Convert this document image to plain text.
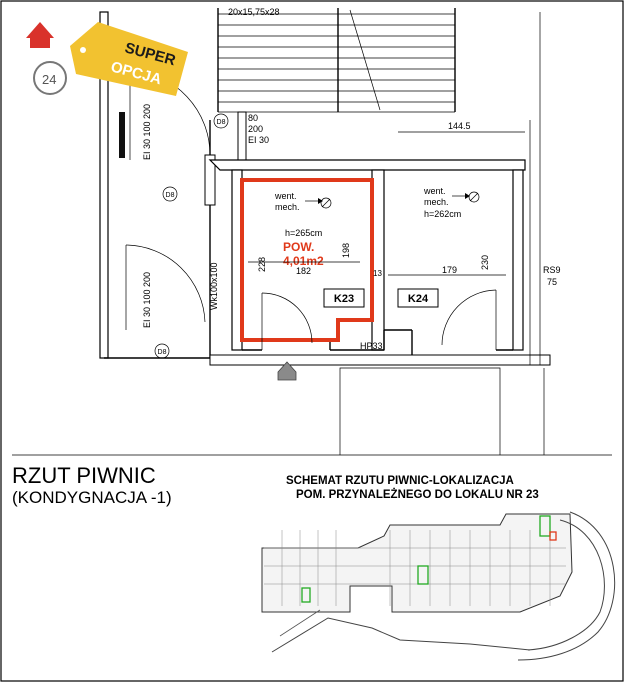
20x15,75x28
EI 30 100 200
EI 30 100 200
D8
D8
Wk100x100
D8	80
200
EI 30
144.5
went.
mech.
h=265cm
POW.
4,01m2
228
198
182
K23
went.
mech.
h=262cm
179	230
13
K24
HP33
RS9
75
SUPER
OPCJA
24
RZUT PIWNIC
(KONDYGNACJA -1)
SCHEMAT RZUTU PIWNIC-LOKALIZACJA
POM. PRZYNALEŻNEGO DO LOKALU NR 23
